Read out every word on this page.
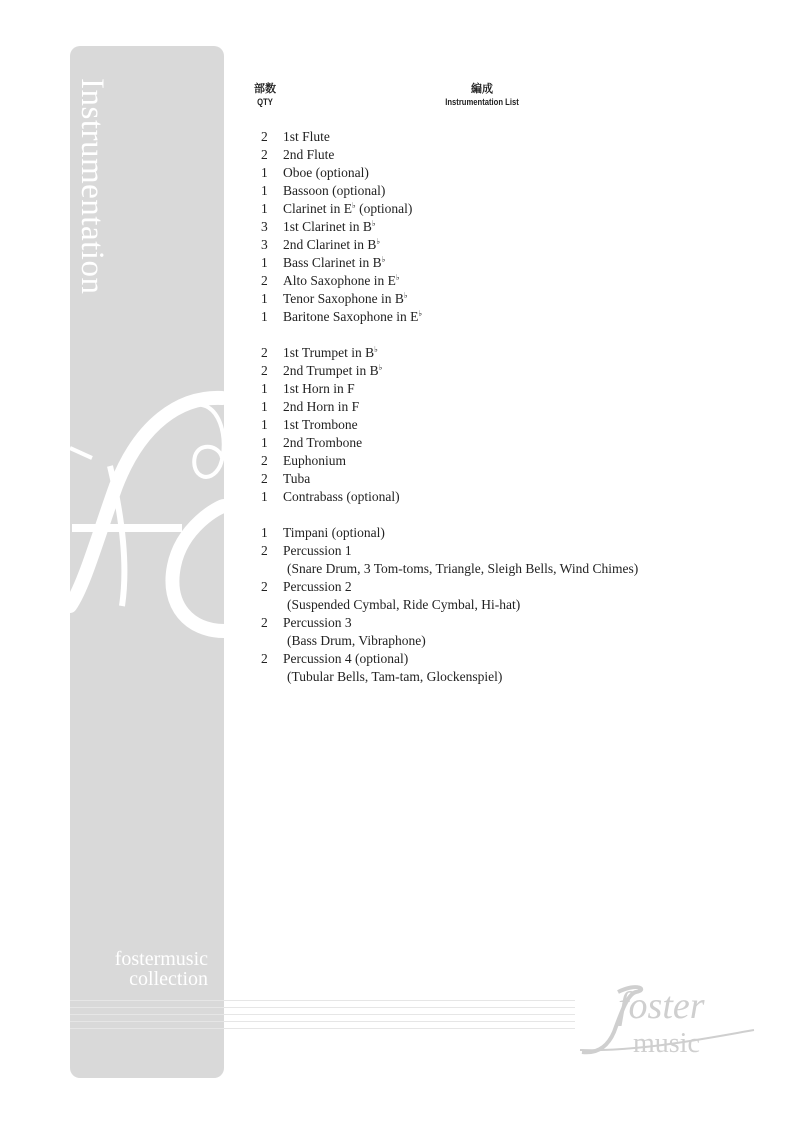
fostermusic
collection
Instrumentation
foster
music
部数
QTY
編成
Instrumentation List
2	1st Flute
2	2nd Flute
1	Oboe (optional)
1	Bassoon (optional)
1	Clarinet in E♭ (optional)
3	1st Clarinet in B♭
3	2nd Clarinet in B♭
1	Bass Clarinet in B♭
2	Alto Saxophone in E♭
1	Tenor Saxophone in B♭
1	Baritone Saxophone in E♭
2	1st Trumpet in B♭
2	2nd Trumpet in B♭
1	1st Horn in F
1	2nd Horn in F
1	1st Trombone
1	2nd Trombone
2	Euphonium
2	Tuba
1	Contrabass (optional)
1	Timpani (optional)
2	Percussion 1
(Snare Drum, 3 Tom-toms, Triangle, Sleigh Bells, Wind Chimes)
2	Percussion 2
(Suspended Cymbal, Ride Cymbal, Hi-hat)
2	Percussion 3
(Bass Drum, Vibraphone)
2	Percussion 4 (optional)
(Tubular Bells, Tam-tam, Glockenspiel)
